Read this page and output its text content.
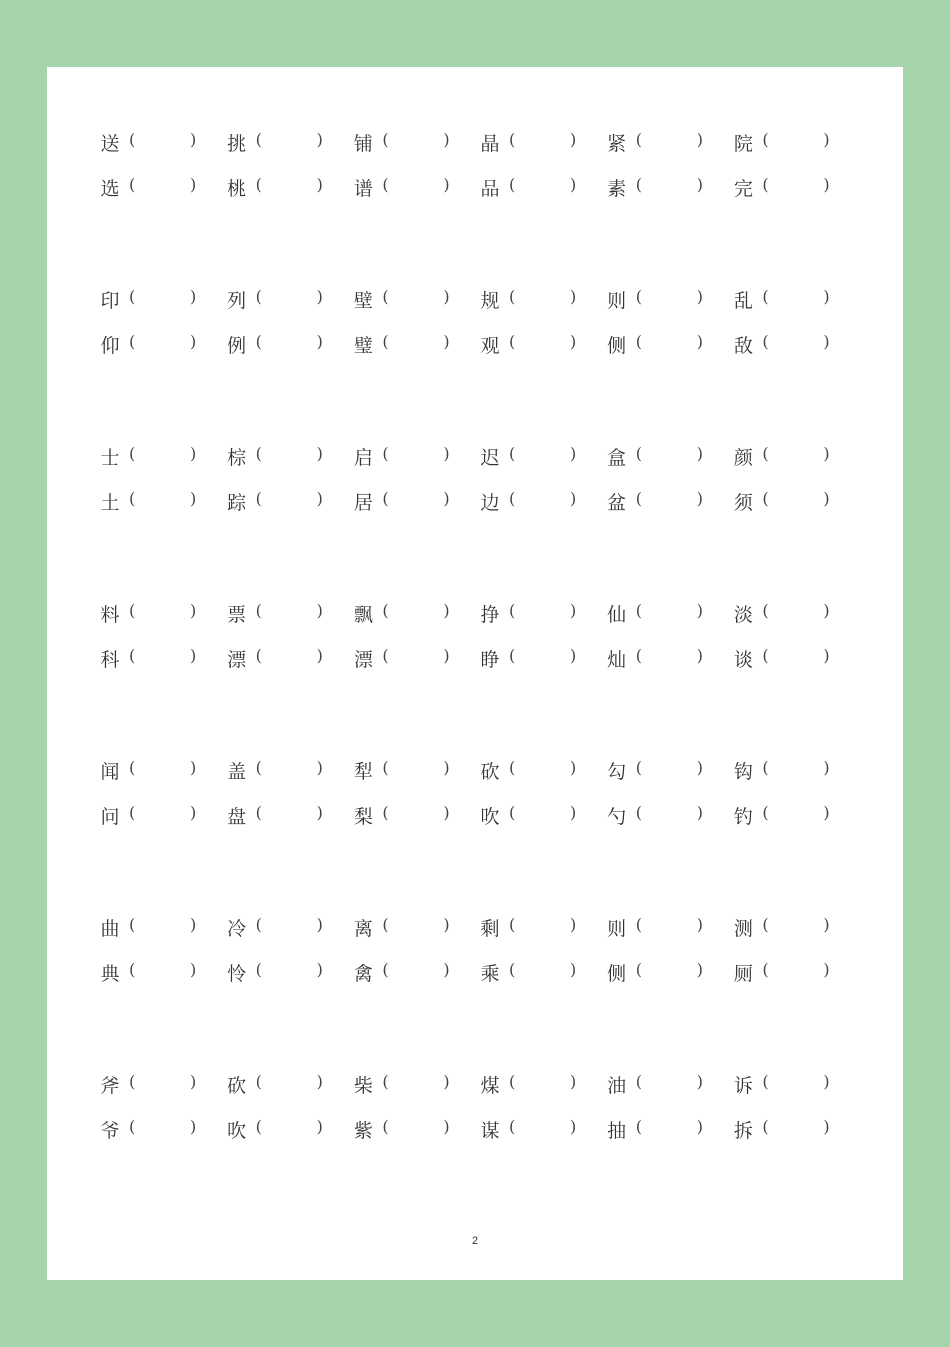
送 (	) 挑 (	) 铺 (	) 晶 (	) 紧 (	) 院 (	)
选 (	) 桃 (	) 谱 (	) 品 (	) 素 (	) 完 (	)
印 (	) 列 (	) 壁 (	) 规 (	) 则 (	) 乱 (	)
仰 (	) 例 (	) 璧 (	) 观 (	) 侧 (	) 敌 (	)
士 (	) 棕 (	) 启 (	) 迟 (	) 盒 (	) 颜 (	)
土 (	) 踪 (	) 居 (	) 边 (	) 盆 (	) 须 (	)
料 (	) 票 (	) 飘 (	) 挣 (	) 仙 (	) 淡 (	)
科 (	) 漂 (	) 漂 (	) 睁 (	) 灿 (	) 谈 (	)
闻 (	) 盖 (	) 犁 (	) 砍 (	) 勾 (	) 钩 (	)
问 (	) 盘 (	) 梨 (	) 吹 (	) 勺 (	) 钓 (	)
曲 (	) 冷 (	) 离 (	) 剩 (	) 则 (	) 测 (	)
典 (	) 怜 (	) 禽 (	) 乘 (	) 侧 (	) 厕 (	)
斧 (	) 砍 (	) 柴 (	) 煤 (	) 油 (	) 诉 (	)
爷 (	) 吹 (	) 紫 (	) 谋 (	) 抽 (	) 拆 (	)
2
